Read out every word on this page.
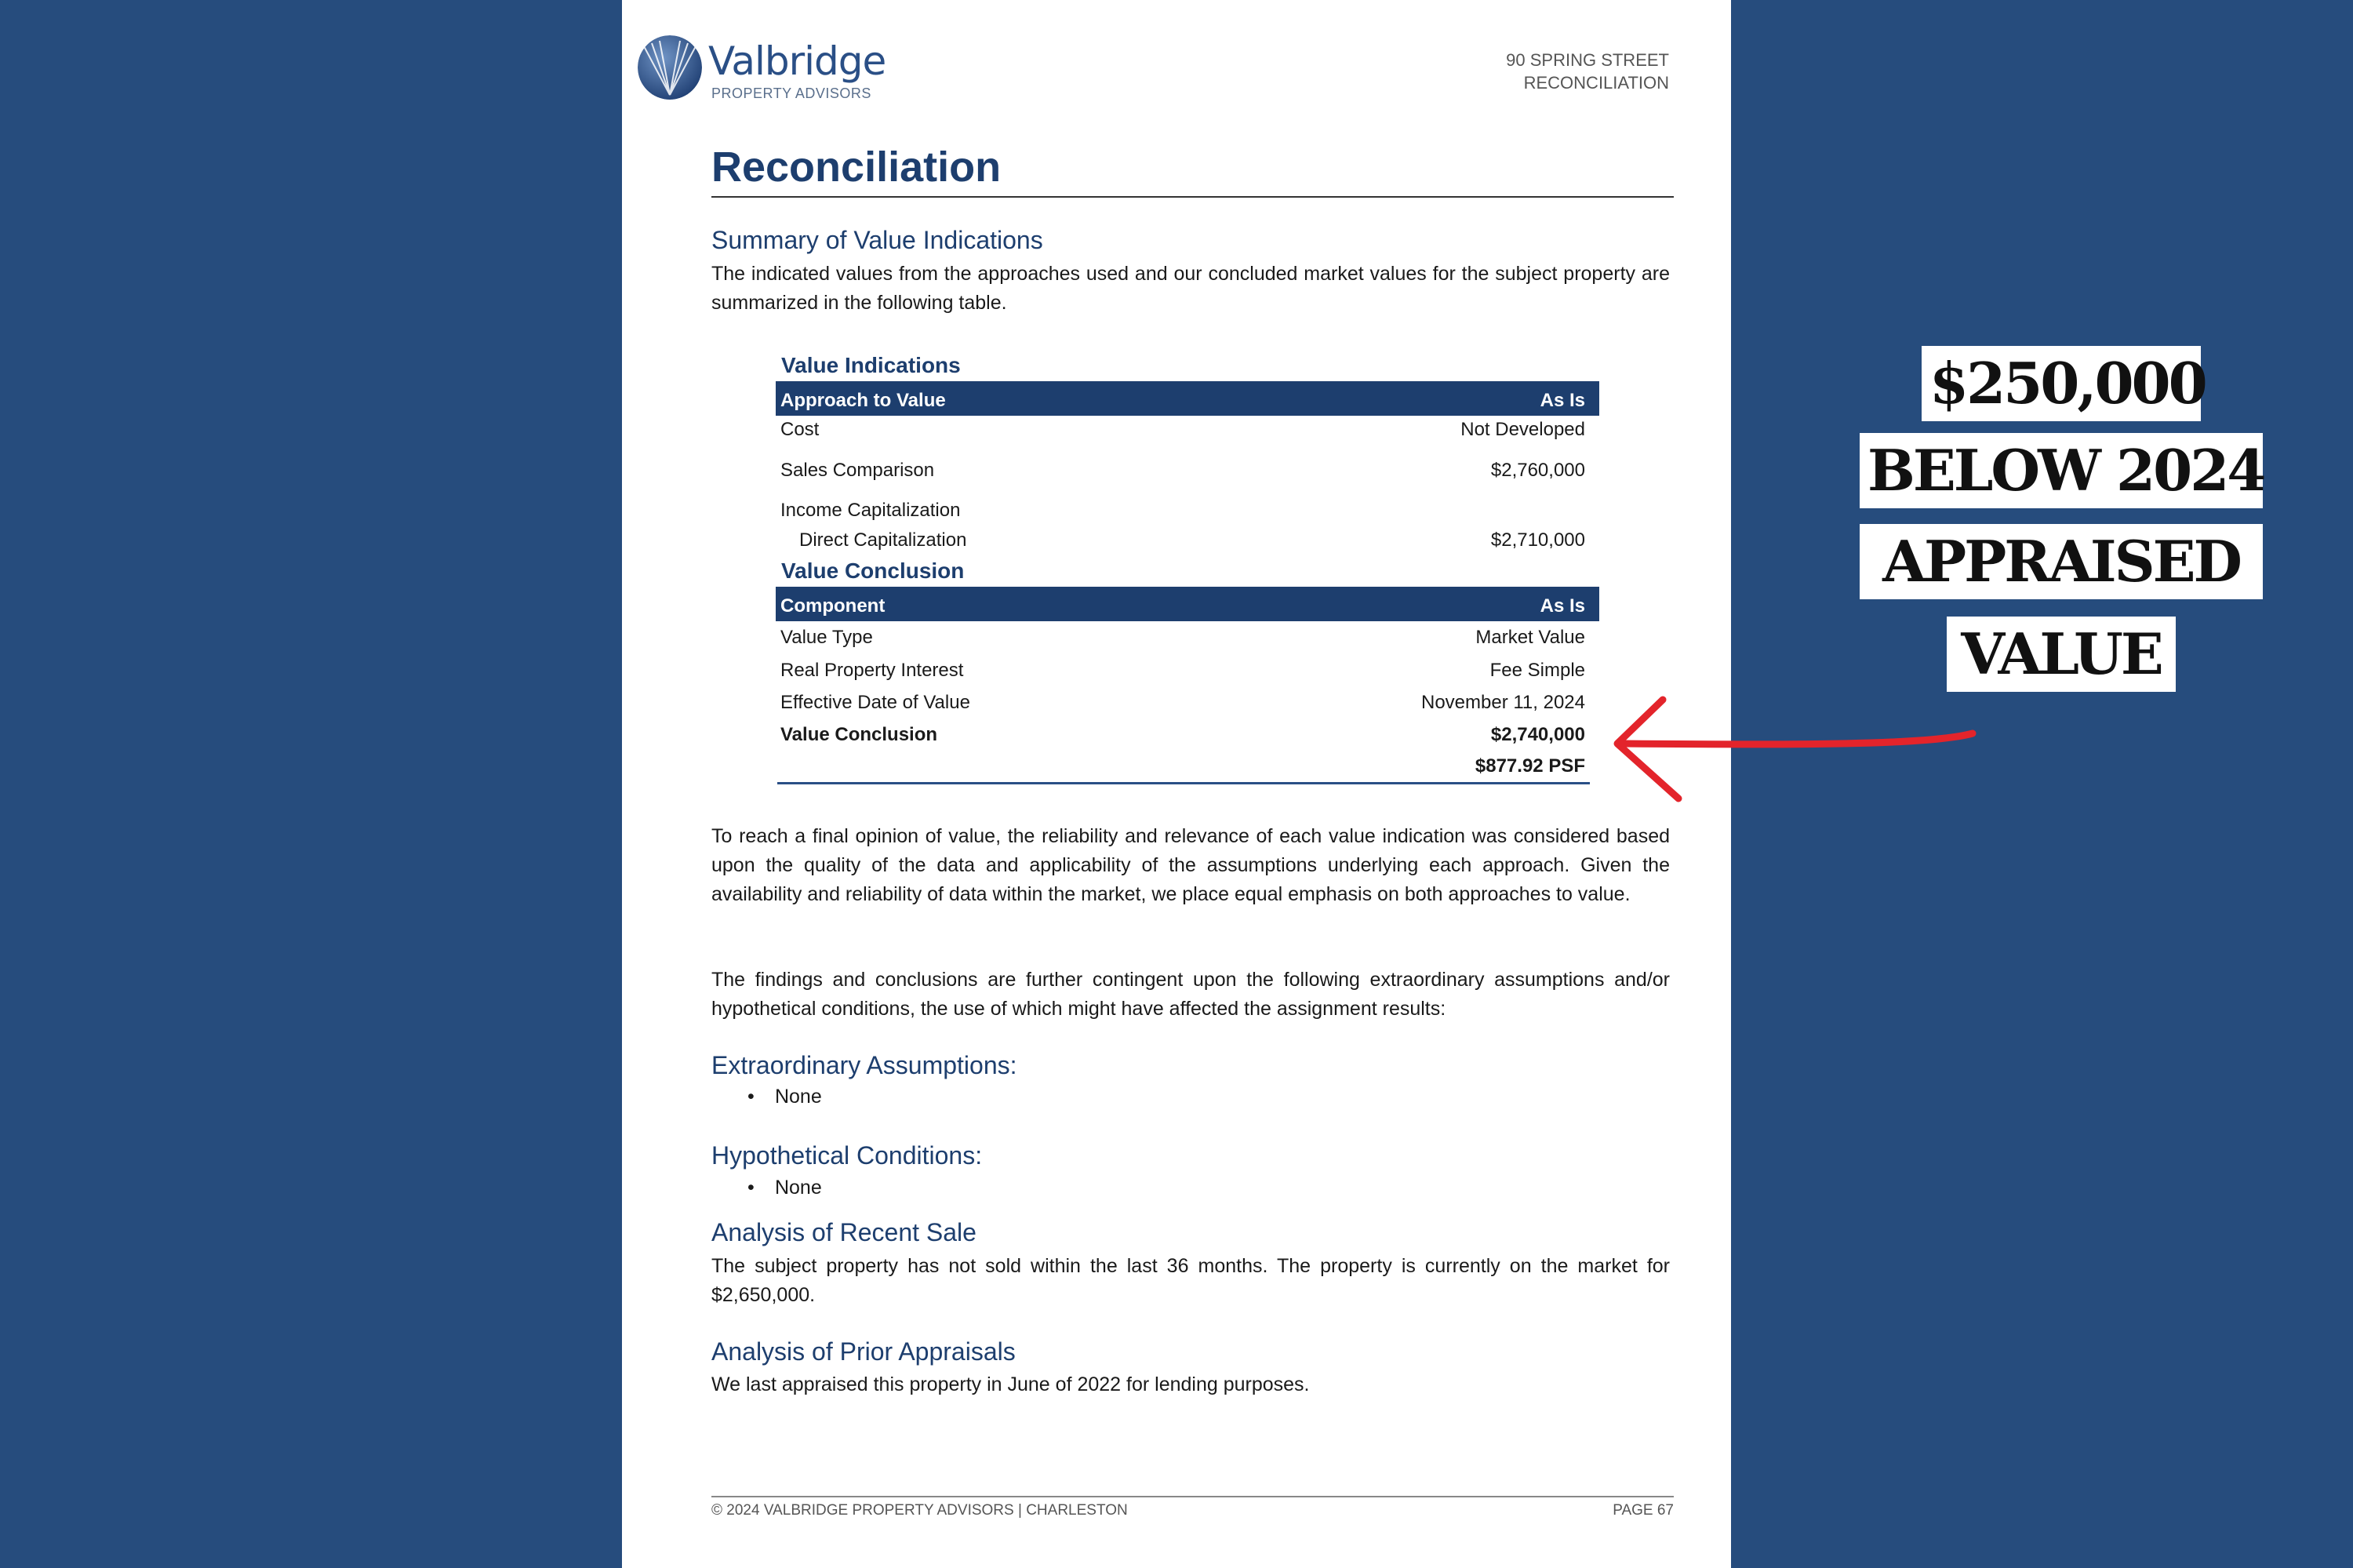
Valbridge
PROPERTY ADVISORS
90 SPRING STREET
RECONCILIATION
Reconciliation
Summary of Value Indications

The indicated values from the approaches used and our concluded market values for the subject property are summarized in the following table.

Value Indications
Approach to Value	As Is
Cost	Not Developed
Sales Comparison	$2,760,000
Income Capitalization
Direct Capitalization	$2,710,000
Value Conclusion
Component	As Is
Value Type	Market Value
Real Property Interest	Fee Simple
Effective Date of Value	November 11, 2024
Value Conclusion	$2,740,000
$877.92 PSF

To reach a final opinion of value, the reliability and relevance of each value indication was considered based upon the quality of the data and applicability of the assumptions underlying each approach. Given the availability and reliability of data within the market, we place equal emphasis on both approaches to value.

The findings and conclusions are further contingent upon the following extraordinary assumptions and/or hypothetical conditions, the use of which might have affected the assignment results:

Extraordinary Assumptions:
• None
Hypothetical Conditions:
• None
Analysis of Recent Sale

The subject property has not sold within the last 36 months. The property is currently on the market for $2,650,000.

Analysis of Prior Appraisals

We last appraised this property in June of 2022 for lending purposes.

© 2024 VALBRIDGE PROPERTY ADVISORS | CHARLESTON	PAGE 67
$250,000
BELOW 2024
APPRAISED
VALUE
